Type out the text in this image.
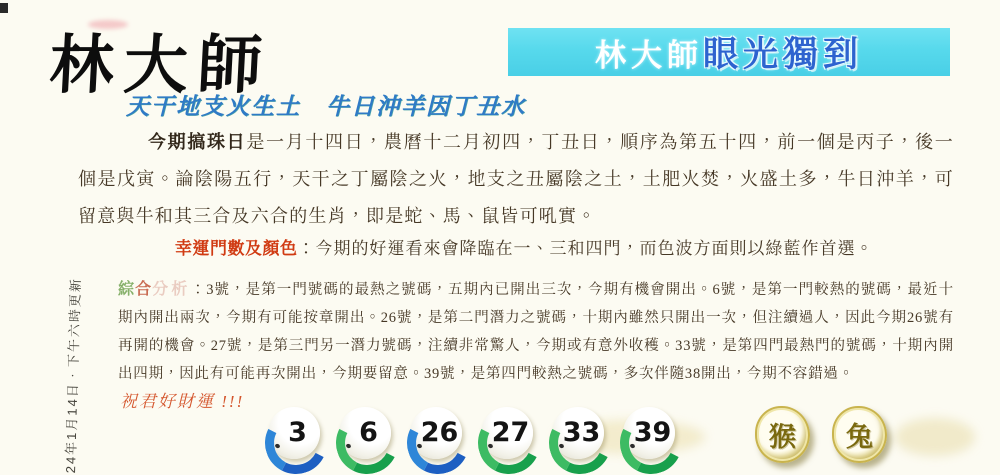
林大師	林大師 眼光獨到
天干地支火生土　牛日沖羊因丁丑水

今期搞珠日是一月十四日，農曆十二月初四，丁丑日，順序為第五十四，前一個是丙子，後一個是戊寅。論陰陽五行，天干之丁屬陰之火，地支之丑屬陰之土，土肥火焚，火盛土多，牛日沖羊，可留意與牛和其三合及六合的生肖，即是蛇、馬、鼠皆可吼實。

幸運門數及顏色：今期的好運看來會降臨在一、三和四門，而色波方面則以綠藍作首選。

綜合分析：3號，是第一門號碼的最熱之號碼，五期內已開出三次，今期有機會開出。6號，是第一門較熱的號碼，最近十期內開出兩次，今期有可能按章開出。26號，是第二門潛力之號碼，十期內雖然只開出一次，但注續過人，因此今期26號有再開的機會。27號，是第三門另一潛力號碼，注續非常驚人，今期或有意外收穫。33號，是第四門最熱門的號碼，十期內開出四期，因此有可能再次開出，今期要留意。39號，是第四門較熱之號碼，多次伴隨38開出，今期不容錯過。

祝君好財運 !!!
3	6	26	27	33	39	猴	兔
24年1月14日．下午六時更新
